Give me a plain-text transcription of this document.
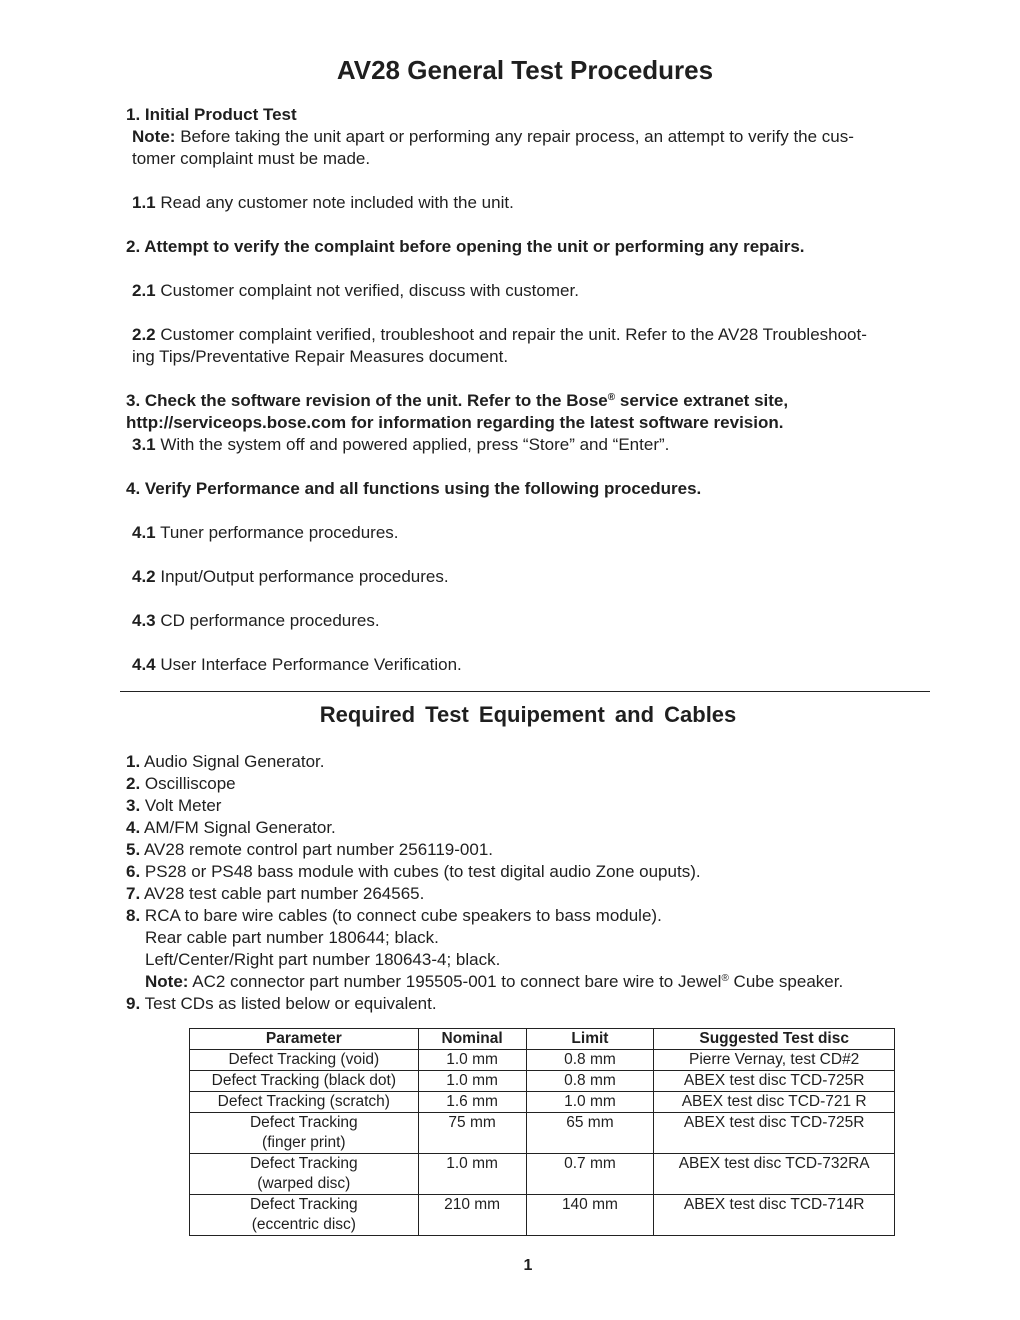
AV28 General Test Procedures
1. Initial Product Test
Note: Before taking the unit apart or performing any repair process, an attempt to verify the cus-
tomer complaint must be made.
1.1 Read any customer note included with the unit.
2. Attempt to verify the complaint before opening the unit or performing any repairs.
2.1 Customer complaint not verified, discuss with customer.
2.2 Customer complaint verified, troubleshoot and repair the unit. Refer to the AV28 Troubleshoot-
ing Tips/Preventative Repair Measures document.
3. Check the software revision of the unit. Refer to the Bose® service extranet site,
http://serviceops.bose.com for information regarding the latest software revision.
3.1 With the system off and powered applied, press “Store” and “Enter”.
4. Verify Performance and all functions using the following procedures.
4.1 Tuner performance procedures.
4.2 Input/Output performance procedures.
4.3 CD performance procedures.
4.4 User Interface Performance Verification.
Required Test Equipement and Cables
1. Audio Signal Generator.
2. Oscilliscope
3. Volt Meter
4. AM/FM Signal Generator.
5. AV28 remote control part number 256119-001.
6. PS28 or PS48 bass module with cubes (to test digital audio Zone ouputs).
7. AV28 test cable part number 264565.
8. RCA to bare wire cables (to connect cube speakers to bass module).
Rear cable part number 180644; black.
Left/Center/Right part number 180643-4; black.
Note: AC2 connector part number 195505-001 to connect bare wire to Jewel® Cube speaker.
9. Test CDs as listed below or equivalent.
Parameter	Nominal	Limit	Suggested Test disc

Defect Tracking (void)	1.0 mm	0.8 mm	Pierre Vernay, test CD#2

Defect Tracking (black dot)	1.0 mm	0.8 mm	ABEX test disc TCD-725R

Defect Tracking (scratch)	1.6 mm	1.0 mm	ABEX test disc TCD-721 R

Defect Tracking
(finger print)	75 mm	65 mm	ABEX test disc TCD-725R

Defect Tracking
(warped disc)	1.0 mm	0.7 mm	ABEX test disc TCD-732RA

Defect Tracking
(eccentric disc)	210 mm	140 mm	ABEX test disc TCD-714R
1
